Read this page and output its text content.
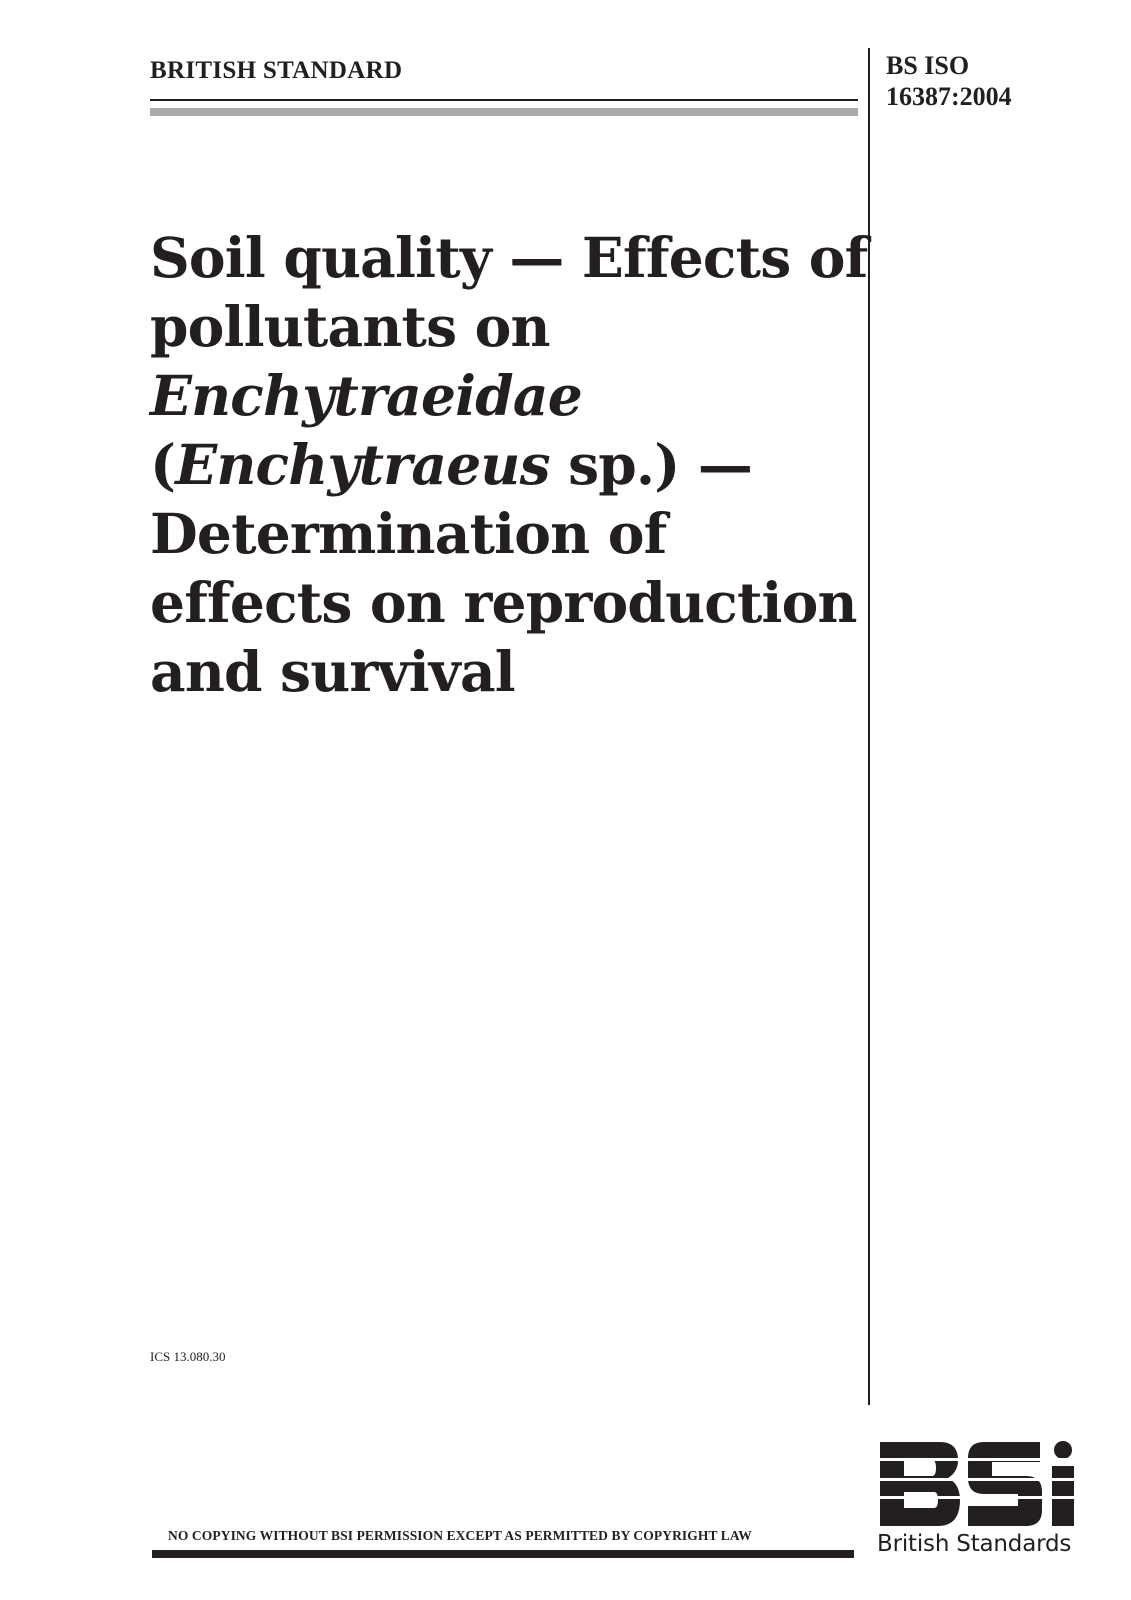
BRITISH STANDARD	BS ISO
16387:2004
Soil quality — Effects of
pollutants on
Enchytraeidae
(Enchytraeus sp.) —
Determination of
effects on reproduction
and survival
ICS 13.080.30
NO COPYING WITHOUT BSI PERMISSION EXCEPT AS PERMITTED BY COPYRIGHT LAW	British Standards
